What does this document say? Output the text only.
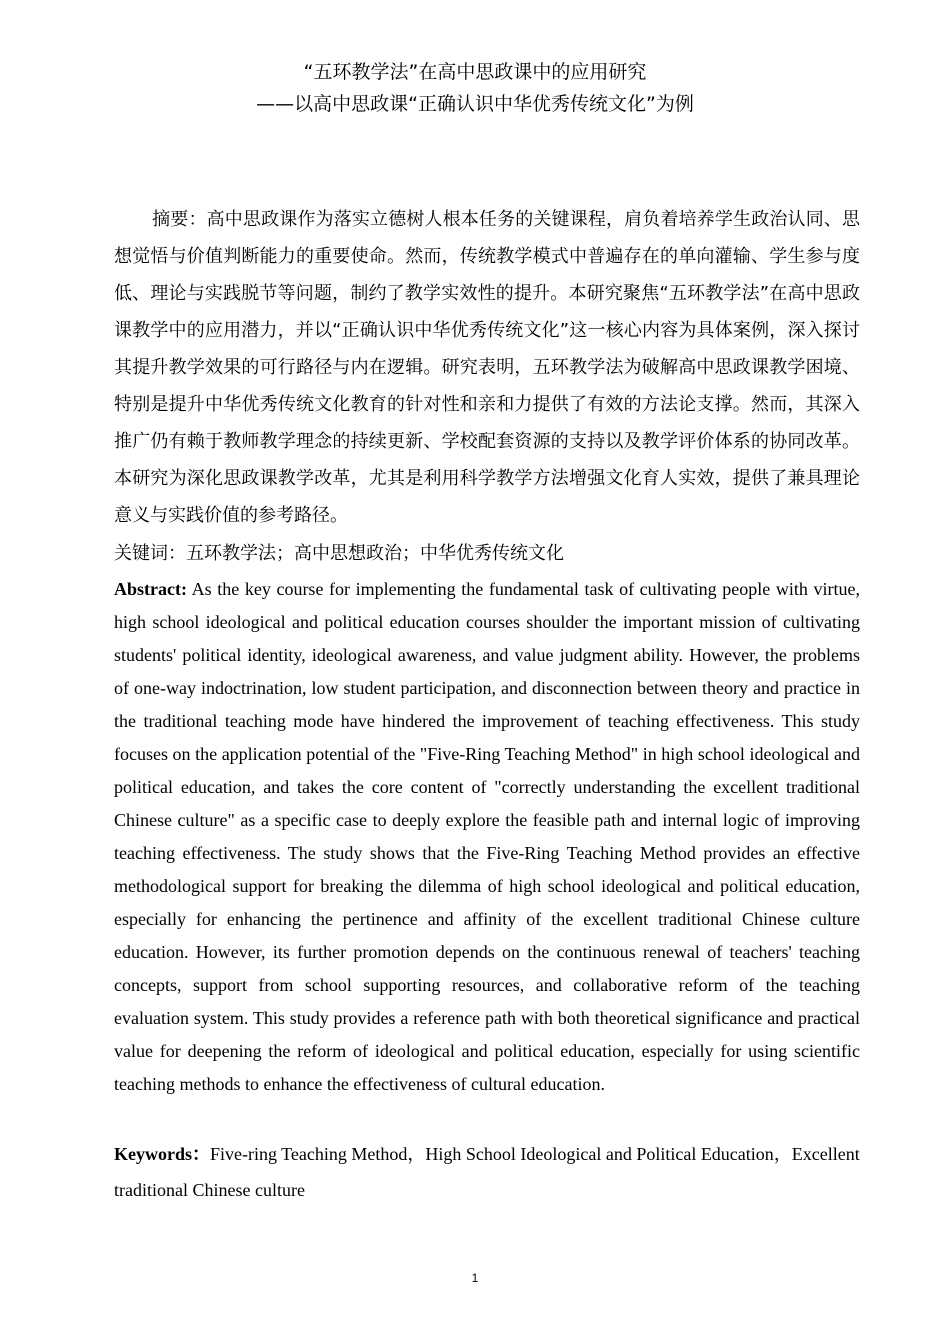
“五环教学法”在高中思政课中的应用研究
——以高中思政课“正确认识中华优秀传统文化”为例
摘要：高中思政课作为落实立德树人根本任务的关键课程，肩负着培养学生政治认同、思想觉悟与价值判断能力的重要使命。然而，传统教学模式中普遍存在的单向灌输、学生参与度低、理论与实践脱节等问题，制约了教学实效性的提升。本研究聚焦“五环教学法”在高中思政课教学中的应用潜力，并以“正确认识中华优秀传统文化”这一核心内容为具体案例，深入探讨其提升教学效果的可行路径与内在逻辑。研究表明，五环教学法为破解高中思政课教学困境、特别是提升中华优秀传统文化教育的针对性和亲和力提供了有效的方法论支撑。然而，其深入推广仍有赖于教师教学理念的持续更新、学校配套资源的支持以及教学评价体系的协同改革。本研究为深化思政课教学改革，尤其是利用科学教学方法增强文化育人实效，提供了兼具理论意义与实践价值的参考路径。
关键词：五环教学法；高中思想政治；中华优秀传统文化
Abstract: As the key course for implementing the fundamental task of cultivating people with virtue, high school ideological and political education courses shoulder the important mission of cultivating students' political identity, ideological awareness, and value judgment ability. However, the problems of one-way indoctrination, low student participation, and disconnection between theory and practice in the traditional teaching mode have hindered the improvement of teaching effectiveness. This study focuses on the application potential of the "Five-Ring Teaching Method" in high school ideological and political education, and takes the core content of "correctly understanding the excellent traditional Chinese culture" as a specific case to deeply explore the feasible path and internal logic of improving teaching effectiveness. The study shows that the Five-Ring Teaching Method provides an effective methodological support for breaking the dilemma of high school ideological and political education, especially for enhancing the pertinence and affinity of the excellent traditional Chinese culture education. However, its further promotion depends on the continuous renewal of teachers' teaching concepts, support from school supporting resources, and collaborative reform of the teaching evaluation system. This study provides a reference path with both theoretical significance and practical value for deepening the reform of ideological and political education, especially for using scientific teaching methods to enhance the effectiveness of cultural education.
Keywords：Five-ring Teaching Method，High School Ideological and Political Education，Excellent traditional Chinese culture
1
